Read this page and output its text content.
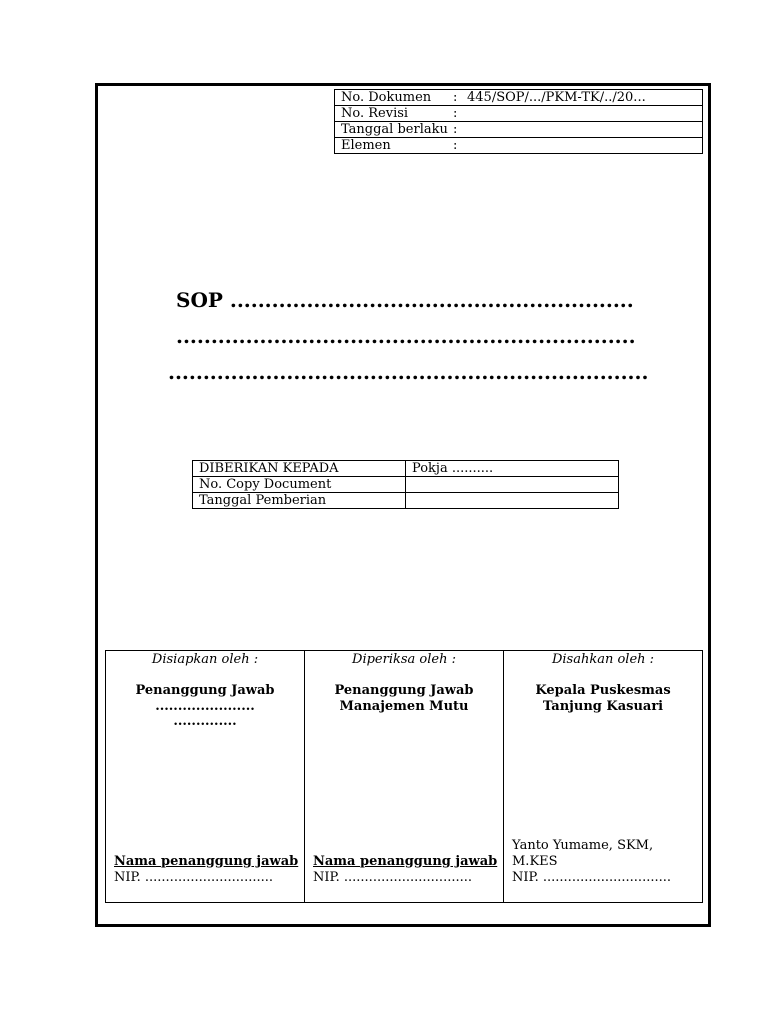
No. Dokumen : 445/SOP/.../PKM-TK/../20...
No. Revisi	:
Tanggal berlaku :
Elemen	:
SOP ..........................................................
..................................................................
.....................................................................
DIBERIKAN KEPADA	Pokja ..........
No. Copy Document	
Tanggal Pemberian	
Disiapkan oleh :
Penanggung Jawab
......................
..............
Nama penanggung jawab
NIP. ...............................

Diperiksa oleh :
Penanggung Jawab
Manajemen Mutu
Nama penanggung jawab
NIP. ...............................

Disahkan oleh :
Kepala Puskesmas
Tanjung Kasuari
Yanto Yumame, SKM, M.KES
NIP. ...............................
